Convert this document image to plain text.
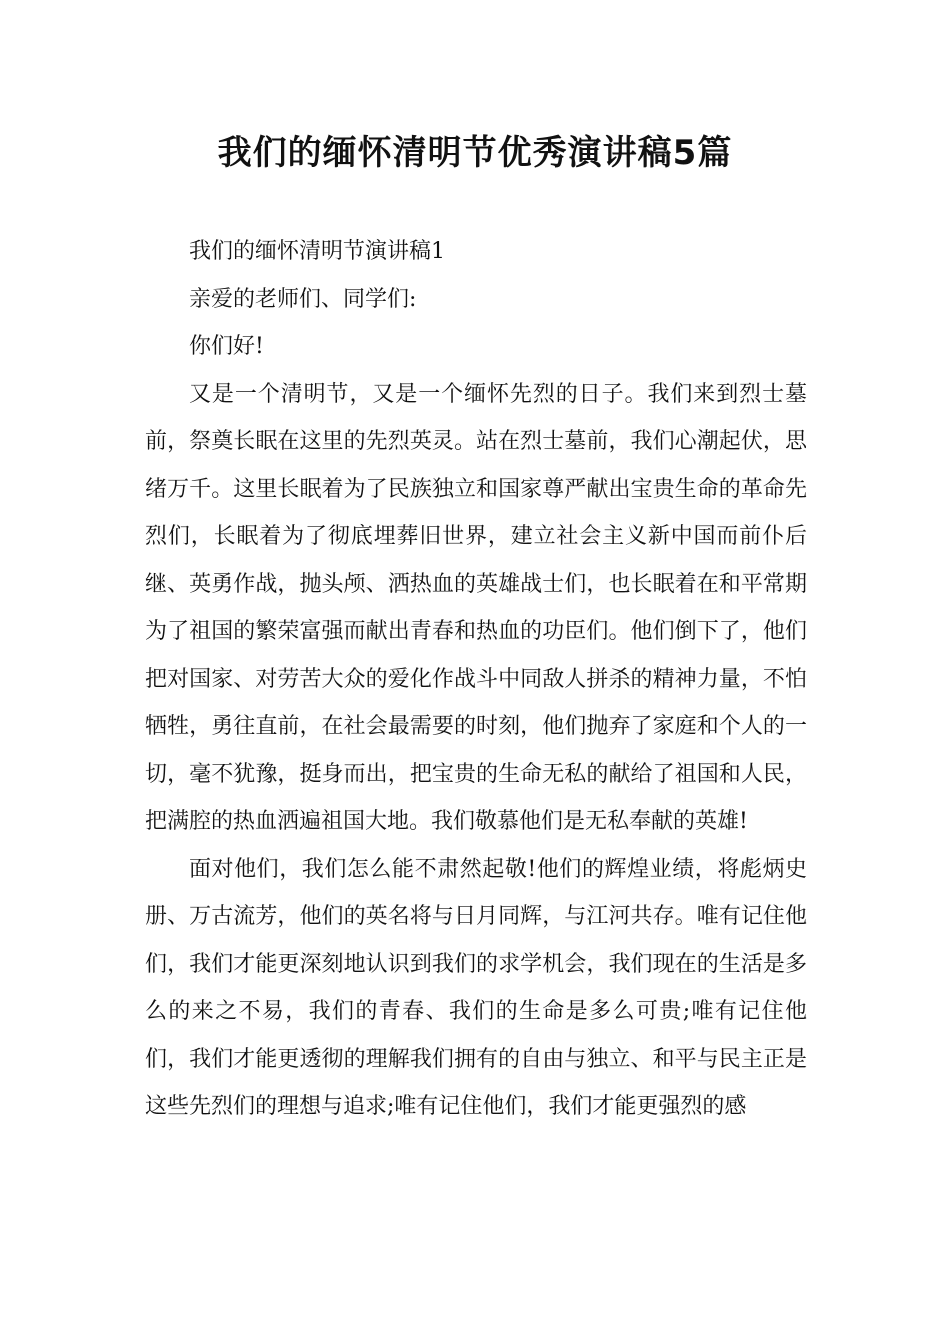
我们的缅怀清明节优秀演讲稿5篇

我们的缅怀清明节演讲稿1

亲爱的老师们、同学们:

你们好!

又是一个清明节，又是一个缅怀先烈的日子。我们来到烈士墓前，祭奠长眠在这里的先烈英灵。站在烈士墓前，我们心潮起伏，思绪万千。这里长眠着为了民族独立和国家尊严献出宝贵生命的革命先烈们，长眠着为了彻底埋葬旧世界，建立社会主义新中国而前仆后继、英勇作战，抛头颅、洒热血的英雄战士们，也长眠着在和平常期为了祖国的繁荣富强而献出青春和热血的功臣们。他们倒下了，他们把对国家、对劳苦大众的爱化作战斗中同敌人拼杀的精神力量，不怕牺牲，勇往直前，在社会最需要的时刻，他们抛弃了家庭和个人的一切，毫不犹豫，挺身而出，把宝贵的生命无私的献给了祖国和人民，把满腔的热血洒遍祖国大地。我们敬慕他们是无私奉献的英雄!

面对他们，我们怎么能不肃然起敬!他们的辉煌业绩，将彪炳史册、万古流芳，他们的英名将与日月同辉，与江河共存。唯有记住他们，我们才能更深刻地认识到我们的求学机会，我们现在的生活是多么的来之不易，我们的青春、我们的生命是多么可贵;唯有记住他们，我们才能更透彻的理解我们拥有的自由与独立、和平与民主正是这些先烈们的理想与追求;唯有记住他们，我们才能更强烈的感
